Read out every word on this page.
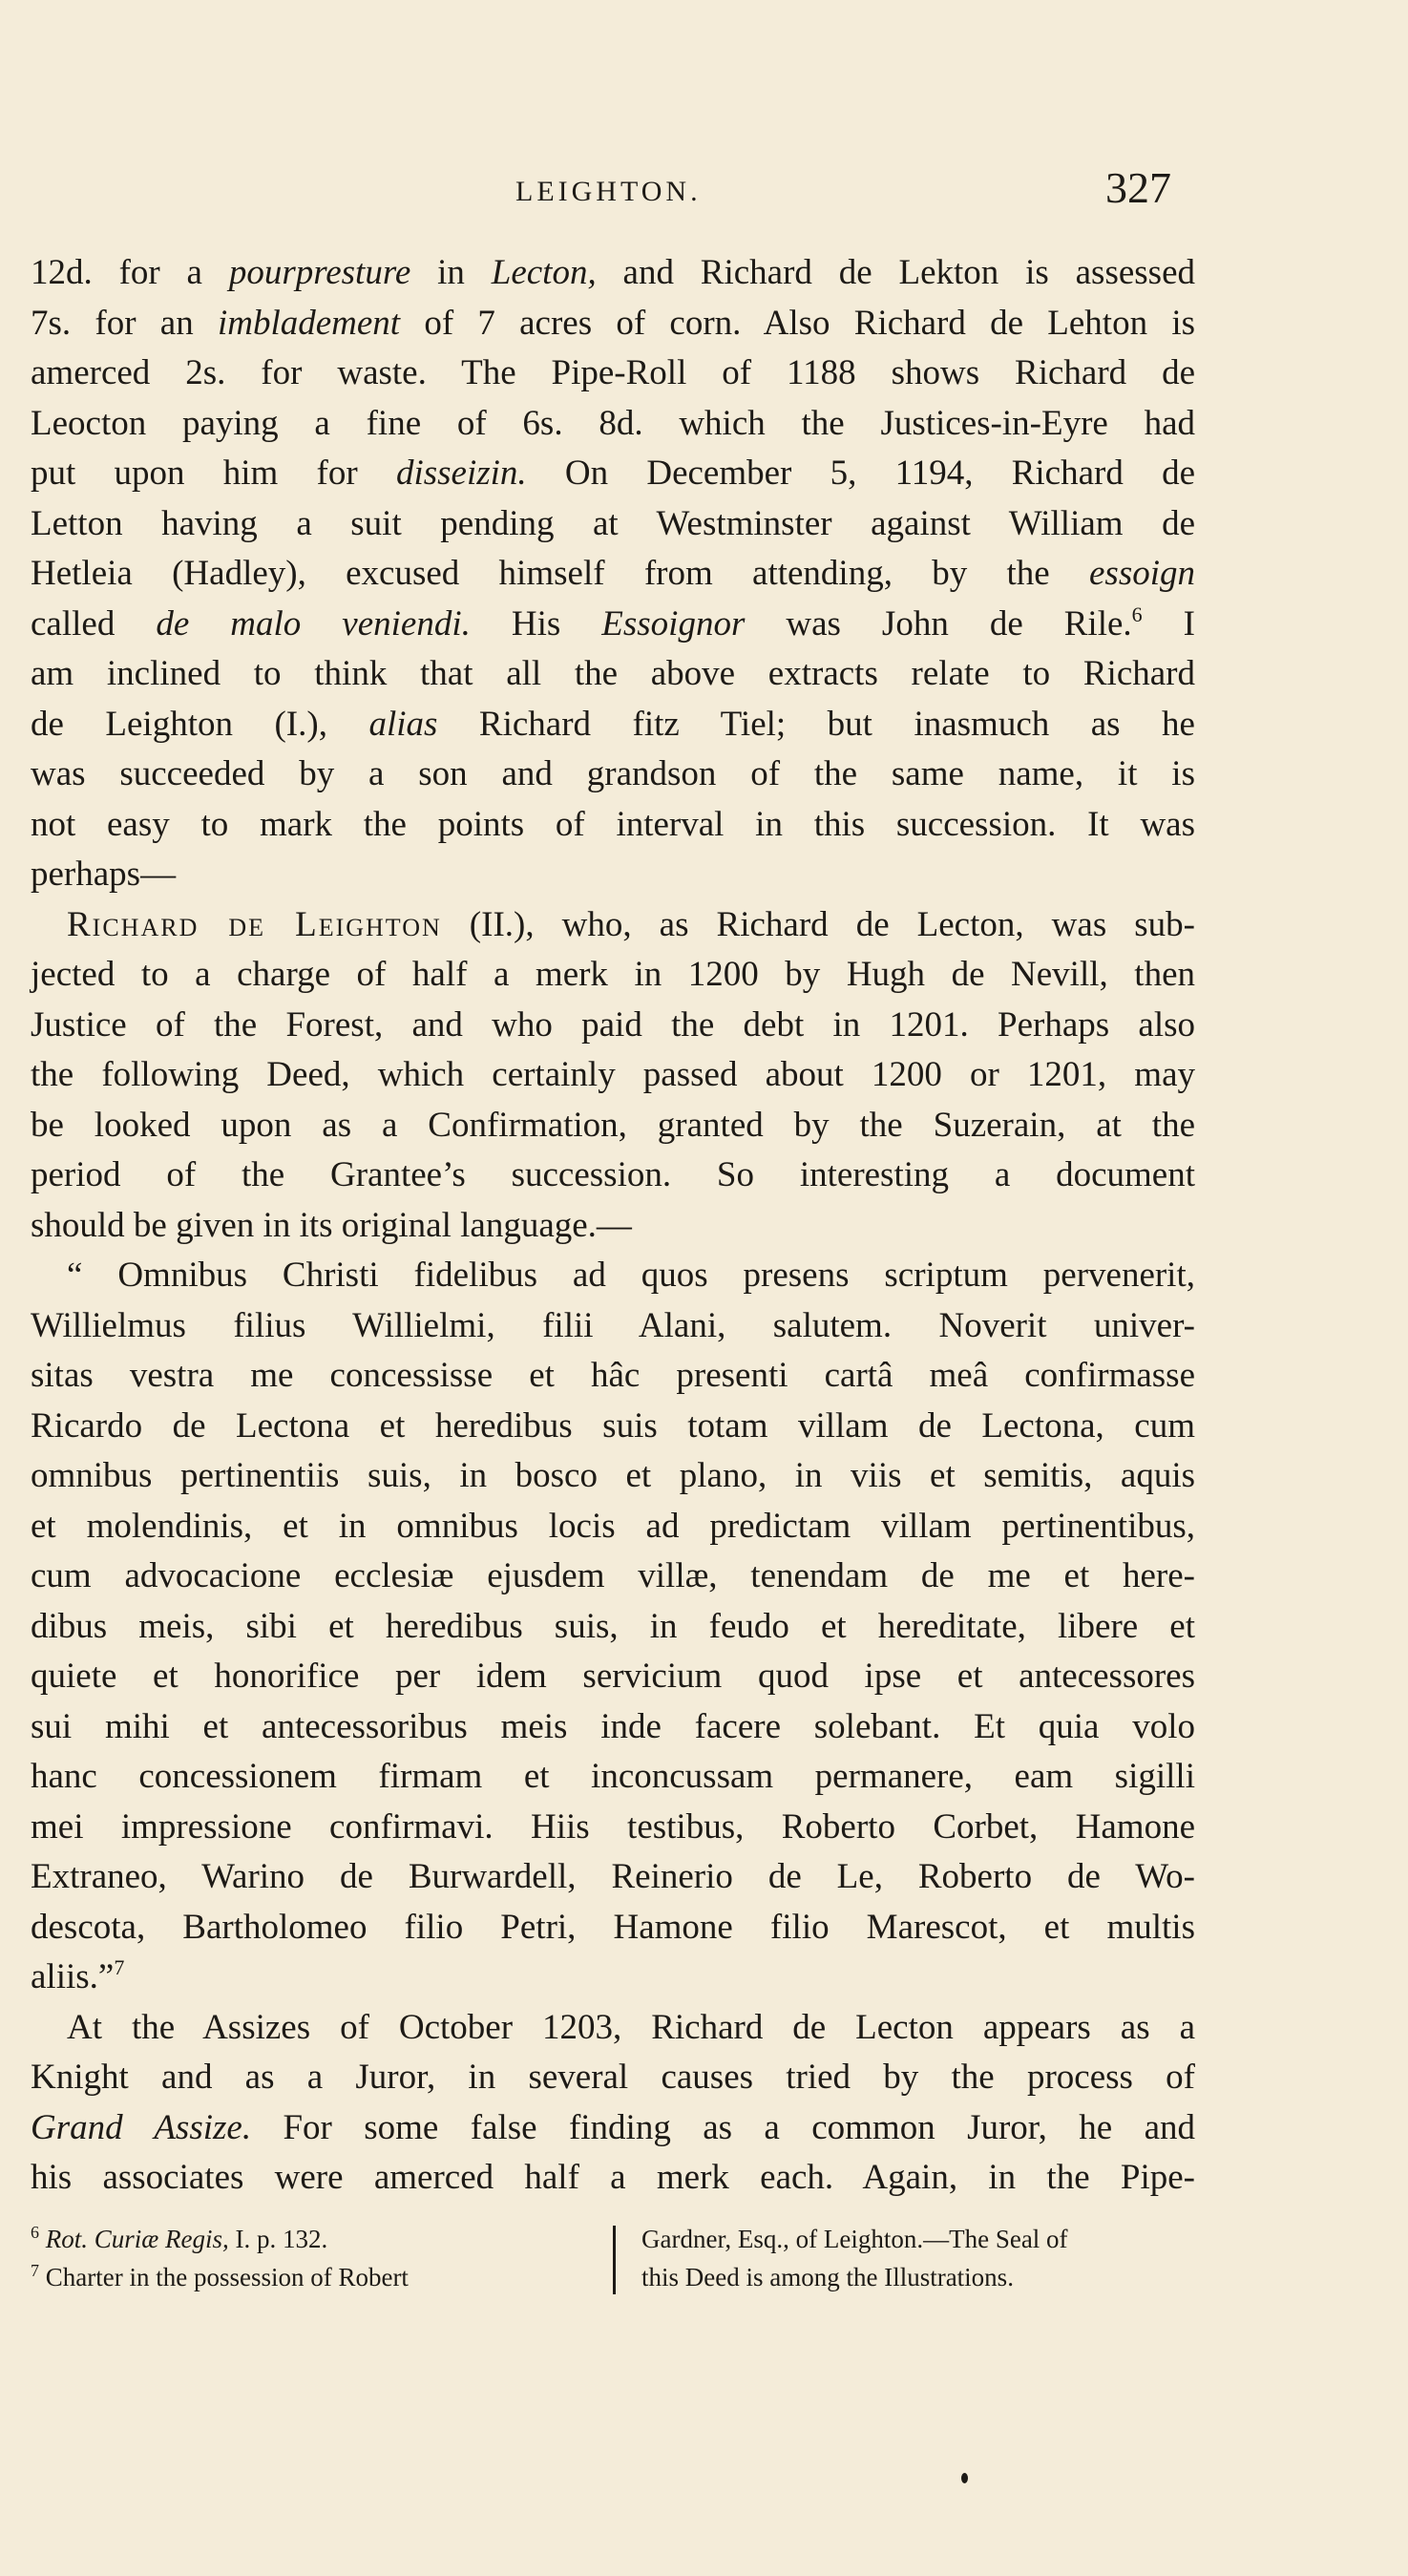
LEIGHTON.	327
12d. for a pourpresture in Lecton, and Richard de Lekton is assessed
7s. for an imbladement of 7 acres of corn. Also Richard de Lehton is
amerced 2s. for waste. The Pipe-Roll of 1188 shows Richard de
Leocton paying a fine of 6s. 8d. which the Justices-in-Eyre had
put upon him for disseizin. On December 5, 1194, Richard de
Letton having a suit pending at Westminster against William de
Hetleia (Hadley), excused himself from attending, by the essoign
called de malo veniendi. His Essoignor was John de Rile.$^6$ I
am inclined to think that all the above extracts relate to Richard
de Leighton (I.), alias Richard fitz Tiel; but inasmuch as he
was succeeded by a son and grandson of the same name, it is
not easy to mark the points of interval in this succession. It was
perhaps—
Richard de Leighton (II.), who, as Richard de Lecton, was sub-
jected to a charge of half a merk in 1200 by Hugh de Nevill, then
Justice of the Forest, and who paid the debt in 1201. Perhaps also
the following Deed, which certainly passed about 1200 or 1201, may
be looked upon as a Confirmation, granted by the Suzerain, at the
period of the Grantee’s succession. So interesting a document
should be given in its original language.—
“ Omnibus Christi fidelibus ad quos presens scriptum pervenerit,
Willielmus filius Willielmi, filii Alani, salutem. Noverit univer-
sitas vestra me concessisse et hâc presenti cartâ meâ confirmasse
Ricardo de Lectona et heredibus suis totam villam de Lectona, cum
omnibus pertinentiis suis, in bosco et plano, in viis et semitis, aquis
et molendinis, et in omnibus locis ad predictam villam pertinentibus,
cum advocacione ecclesiæ ejusdem villæ, tenendam de me et here-
dibus meis, sibi et heredibus suis, in feudo et hereditate, libere et
quiete et honorifice per idem servicium quod ipse et antecessores
sui mihi et antecessoribus meis inde facere solebant. Et quia volo
hanc concessionem firmam et inconcussam permanere, eam sigilli
mei impressione confirmavi. Hiis testibus, Roberto Corbet, Hamone
Extraneo, Warino de Burwardell, Reinerio de Le, Roberto de Wo-
descota, Bartholomeo filio Petri, Hamone filio Marescot, et multis
aliis.”$^7$
At the Assizes of October 1203, Richard de Lecton appears as a
Knight and as a Juror, in several causes tried by the process of
Grand Assize. For some false finding as a common Juror, he and
his associates were amerced half a merk each. Again, in the Pipe-
$^6$ Rot. Curiæ Regis, I. p. 132.
$^7$ Charter in the possession of Robert
Gardner, Esq., of Leighton.—The Seal of
this Deed is among the Illustrations.
